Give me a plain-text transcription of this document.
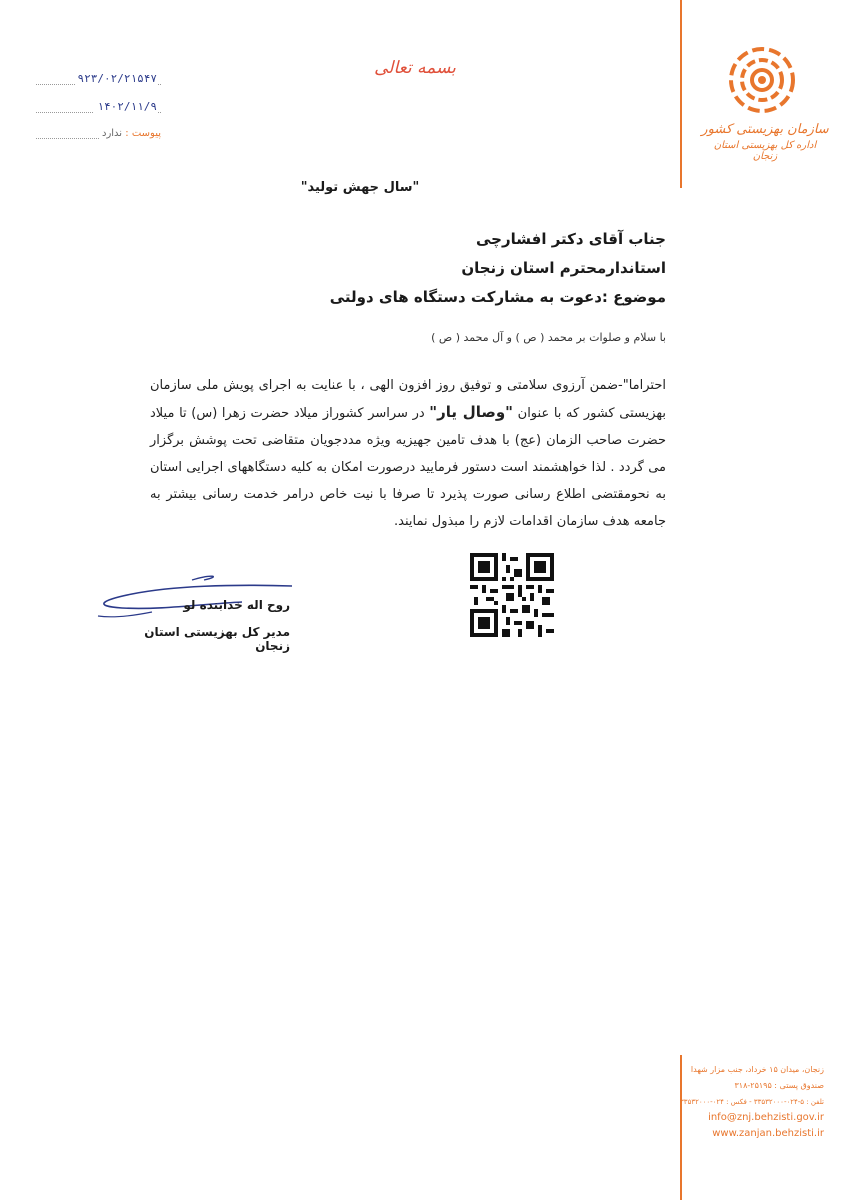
سازمان بهزیستی کشور
اداره کل بهزیستی استان زنجان
بسمه تعالی
۹۲۳/۰۲/۲۱۵۴۷
۱۴۰۲/۱۱/۹
پیوست : ندارد
"سال جهش تولید"
جناب آقای دکتر افشارچی
استاندارمحترم استان زنجان
موضوع :دعوت به مشارکت دستگاه های دولتی
با سلام و صلوات بر محمد ( ص ) و آل محمد ( ص )
احتراما"-ضمن آرزوی سلامتی و توفیق روز افزون الهی ، با عنایت به اجرای پویش ملی سازمان بهزیستی کشور که با عنوان "وصال یار" در سراسر کشوراز میلاد حضرت زهرا (س) تا میلاد حضرت صاحب الزمان (عج) با هدف تامین جهیزیه ویژه مددجویان متقاضی تحت پوشش برگزار می گردد . لذا خواهشمند است دستور فرمایید درصورت امکان به کلیه دستگاههای اجرایی استان به نحومقتضی اطلاع رسانی صورت پذیرد تا صرفا با نیت خاص درامر خدمت رسانی بیشتر به جامعه هدف سازمان اقدامات لازم را مبذول نمایند.
روح اله خدابنده لو
مدیر کل بهزیستی استان زنجان
زنجان، میدان ۱۵ خرداد، جنب مزار شهدا
صندوق پستی : ۲۵۱۹۵-۳۱۸
تلفن : ۵-۰۲۴-۳۳۵۳۲۰۰۰ - فکس : ۰۲۴-۳۳۵۳۲۰۰۰
info@znj.behzisti.gov.ir
www.zanjan.behzisti.ir
